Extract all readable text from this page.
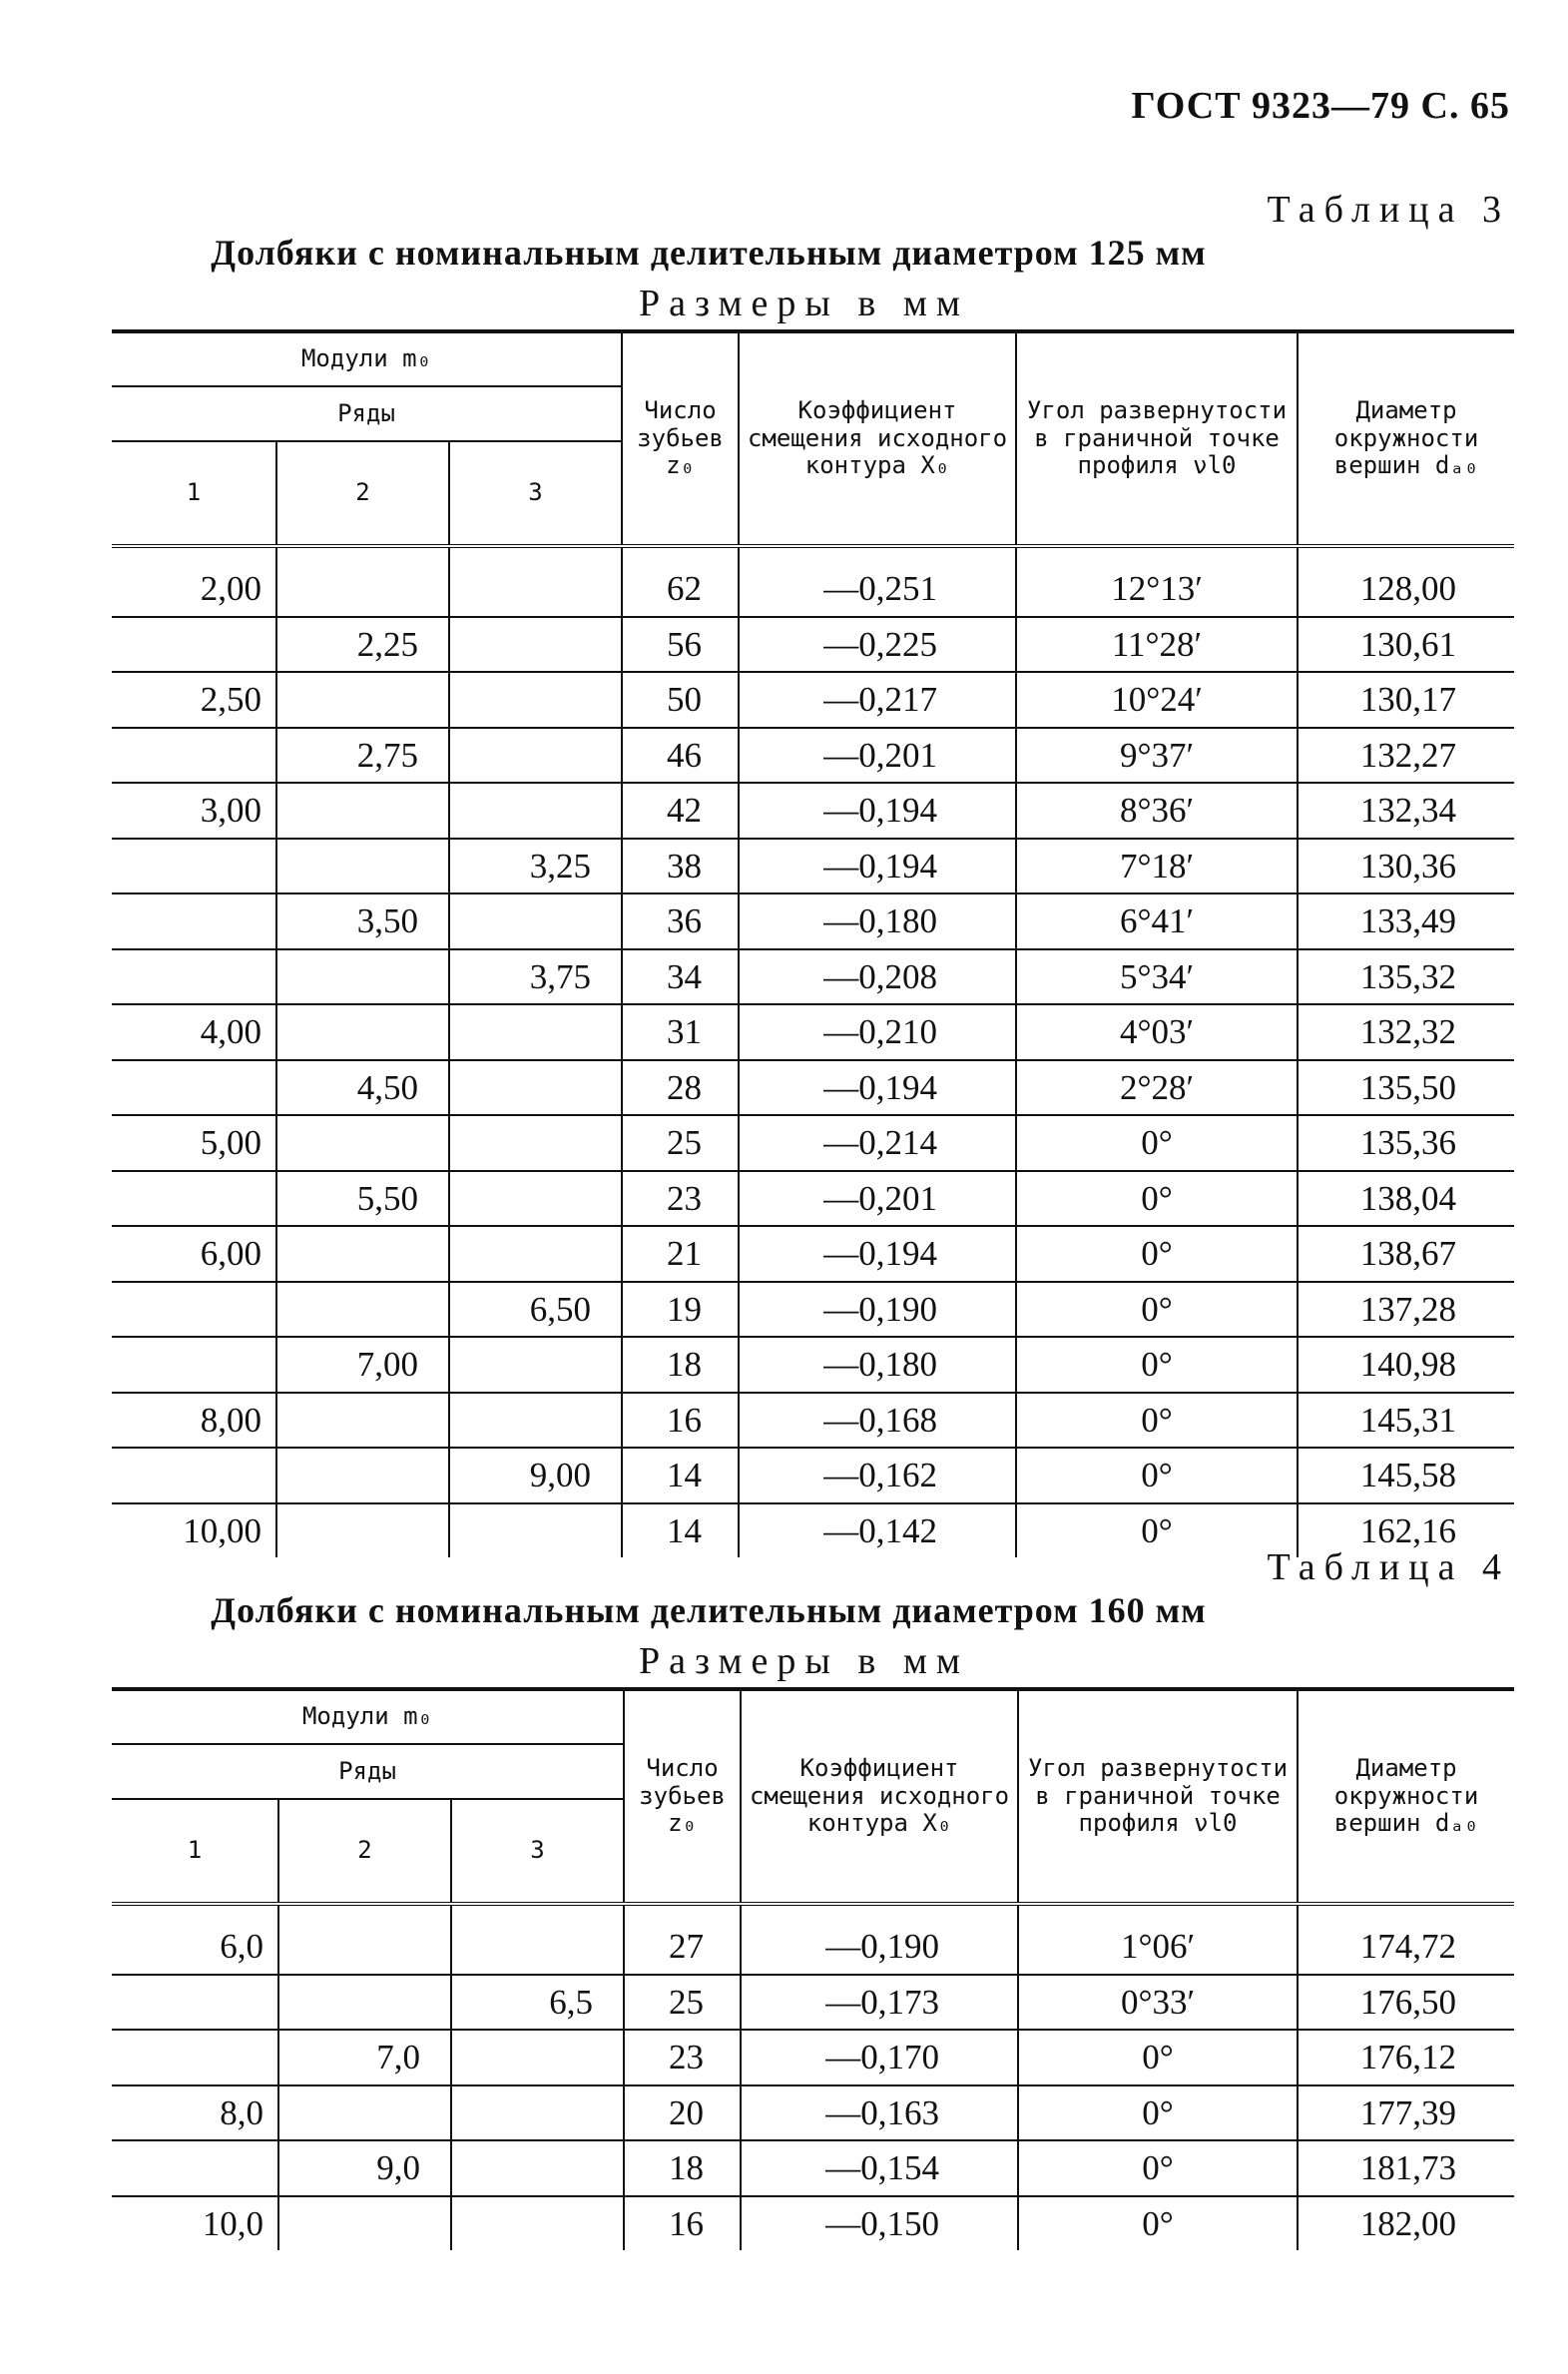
ГОСТ 9323—79 С. 65
Таблица 3
Долбяки с номинальным делительным диаметром 125 мм
Размеры в мм
Модули m₀			Число зубьев z₀	Коэффициент смещения исходного контура X₀	Угол развернутости в граничной точке профиля νl0	Диаметр окружности вершин dₐ₀
Ряды						
1	2	3				

2,00			62	—0,251	12°13′	128,00
	2,25		56	—0,225	11°28′	130,61
2,50			50	—0,217	10°24′	130,17
	2,75		46	—0,201	9°37′	132,27
3,00			42	—0,194	8°36′	132,34
		3,25	38	—0,194	7°18′	130,36
	3,50		36	—0,180	6°41′	133,49
		3,75	34	—0,208	5°34′	135,32
4,00			31	—0,210	4°03′	132,32
	4,50		28	—0,194	2°28′	135,50
5,00			25	—0,214	0°	135,36
	5,50		23	—0,201	0°	138,04
6,00			21	—0,194	0°	138,67
		6,50	19	—0,190	0°	137,28
	7,00		18	—0,180	0°	140,98
8,00			16	—0,168	0°	145,31
		9,00	14	—0,162	0°	145,58
10,00			14	—0,142	0°	162,16
Таблица 4
Долбяки с номинальным делительным диаметром 160 мм
Размеры в мм
Модули m₀			Число зубьев z₀	Коэффициент смещения исходного контура X₀	Угол развернутости в граничной точке профиля νl0	Диаметр окружности вершин dₐ₀
Ряды						
1	2	3				

6,0			27	—0,190	1°06′	174,72
		6,5	25	—0,173	0°33′	176,50
	7,0		23	—0,170	0°	176,12
8,0			20	—0,163	0°	177,39
	9,0		18	—0,154	0°	181,73
10,0			16	—0,150	0°	182,00
